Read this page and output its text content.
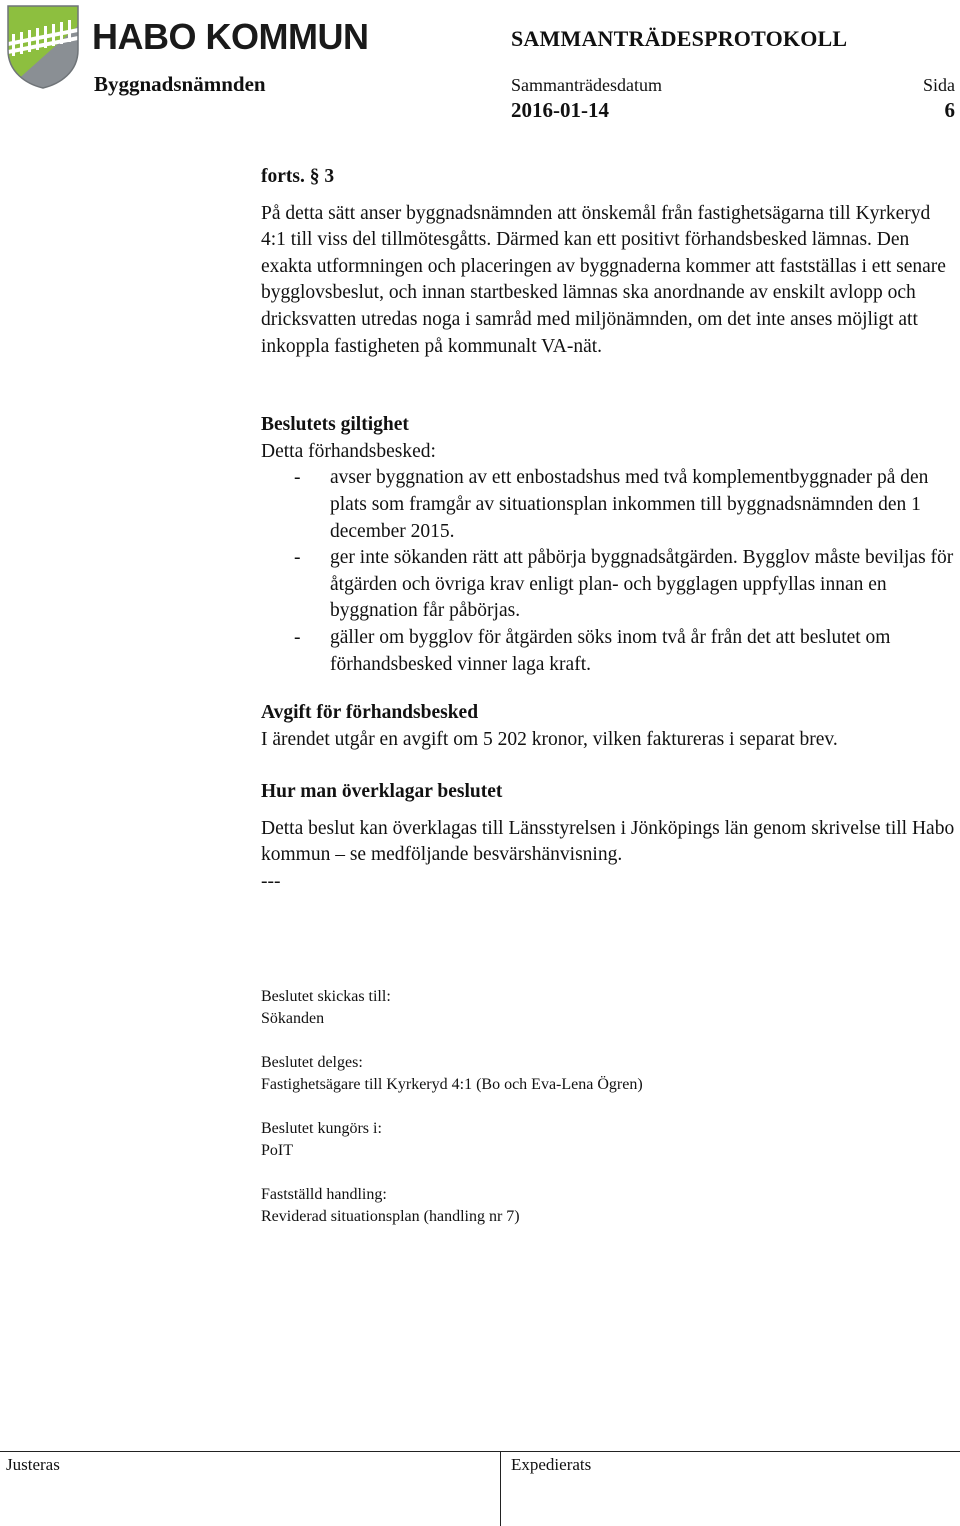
HABO KOMMUN
Byggnadsnämnden
SAMMANTRÄDESPROTOKOLL
Sammanträdesdatum
2016-01-14
Sida
6

forts. § 3

På detta sätt anser byggnadsnämnden att önskemål från fastighetsägarna till Kyrkeryd 4:1 till viss del tillmötesgåtts. Därmed kan ett positivt förhandsbesked lämnas. Den exakta utformningen och placeringen av byggnaderna kommer att fastställas i ett senare bygglovsbeslut, och innan startbesked lämnas ska anordnande av enskilt avlopp och dricksvatten utredas noga i samråd med miljönämnden, om det inte anses möjligt att inkoppla fastigheten på kommunalt VA-nät.

Beslutets giltighet

Detta förhandsbesked:

- avser byggnation av ett enbostadshus med två komplementbyggnader på den plats som framgår av situationsplan inkommen till byggnadsnämnden den 1 december 2015.
- ger inte sökanden rätt att påbörja byggnadsåtgärden. Bygglov måste beviljas för åtgärden och övriga krav enligt plan- och bygglagen uppfyllas innan en byggnation får påbörjas.
- gäller om bygglov för åtgärden söks inom två år från det att beslutet om förhandsbesked vinner laga kraft.

Avgift för förhandsbesked

I ärendet utgår en avgift om 5 202 kronor, vilken faktureras i separat brev.

Hur man överklagar beslutet

Detta beslut kan överklagas till Länsstyrelsen i Jönköpings län genom skrivelse till Habo kommun – se medföljande besvärshänvisning.

---

Beslutet skickas till:

Sökanden

Beslutet delges:

Fastighetsägare till Kyrkeryd 4:1 (Bo och Eva-Lena Ögren)

Beslutet kungörs i:

PoIT

Fastställd handling:

Reviderad situationsplan (handling nr 7)

Justeras	Expedierats
